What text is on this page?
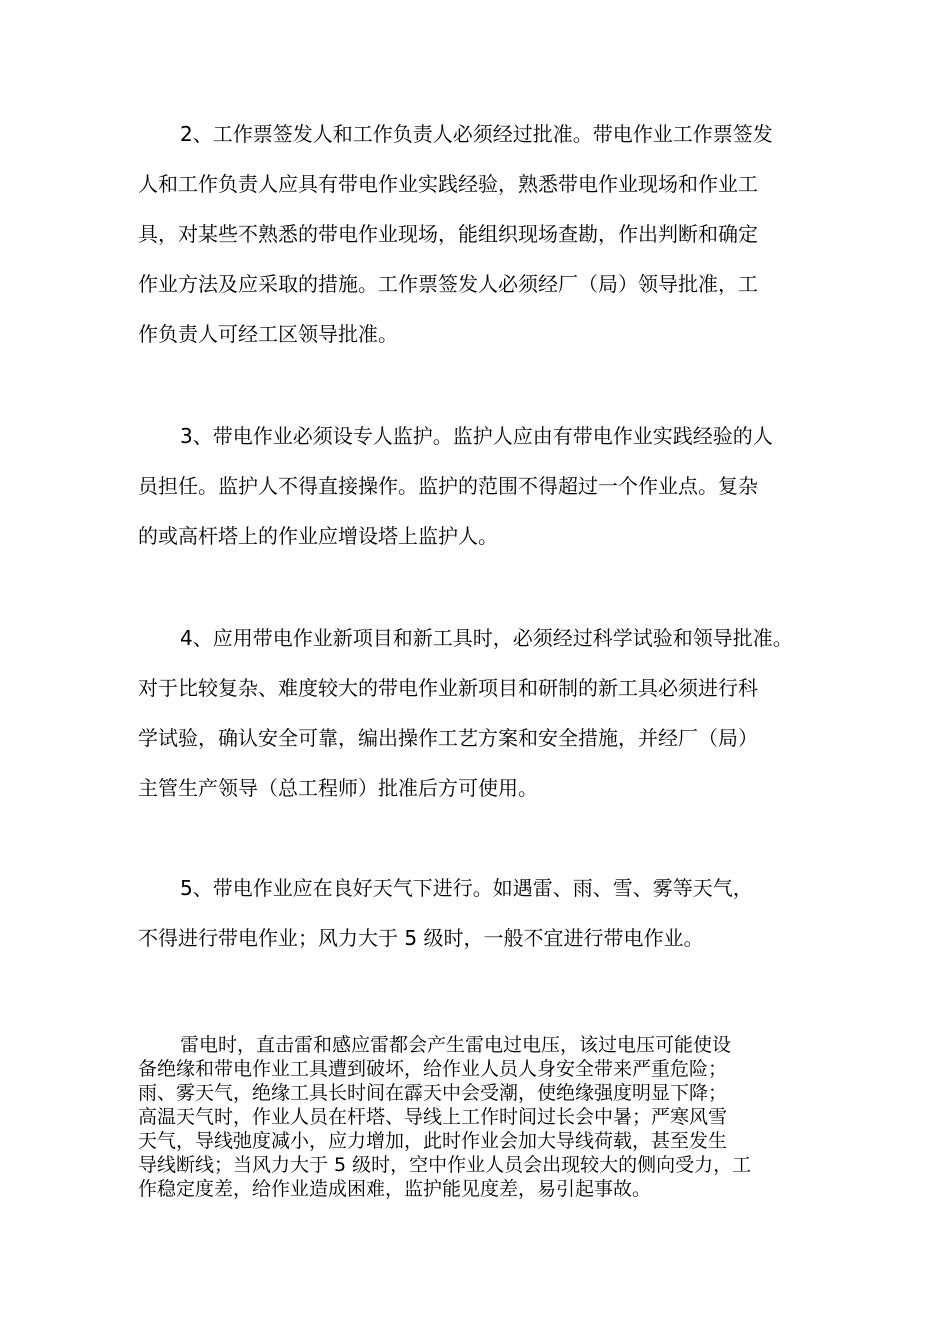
2、工作票签发人和工作负责人必须经过批准。带电作业工作票签发
人和工作负责人应具有带电作业实践经验，熟悉带电作业现场和作业工
具，对某些不熟悉的带电作业现场，能组织现场查勘，作出判断和确定
作业方法及应采取的措施。工作票签发人必须经厂（局）领导批准，工
作负责人可经工区领导批准。
3、带电作业必须设专人监护。监护人应由有带电作业实践经验的人
员担任。监护人不得直接操作。监护的范围不得超过一个作业点。复杂
的或高杆塔上的作业应增设塔上监护人。
4、应用带电作业新项目和新工具时，必须经过科学试验和领导批准。
对于比较复杂、难度较大的带电作业新项目和研制的新工具必须进行科
学试验，确认安全可靠，编出操作工艺方案和安全措施，并经厂（局）
主管生产领导（总工程师）批准后方可使用。
5、带电作业应在良好天气下进行。如遇雷、雨、雪、雾等天气，
不得进行带电作业；风力大于 5 级时，一般不宜进行带电作业。
雷电时，直击雷和感应雷都会产生雷电过电压，该过电压可能使设
备绝缘和带电作业工具遭到破坏，给作业人员人身安全带来严重危险；
雨、雾天气，绝缘工具长时间在霹天中会受潮，使绝缘强度明显下降；
高温天气时，作业人员在杆塔、导线上工作时间过长会中暑；严寒风雪
天气，导线弛度减小，应力增加，此时作业会加大导线荷载，甚至发生
导线断线；当风力大于 5 级时，空中作业人员会出现较大的侧向受力，工
作稳定度差，给作业造成困难，监护能见度差，易引起事故。
